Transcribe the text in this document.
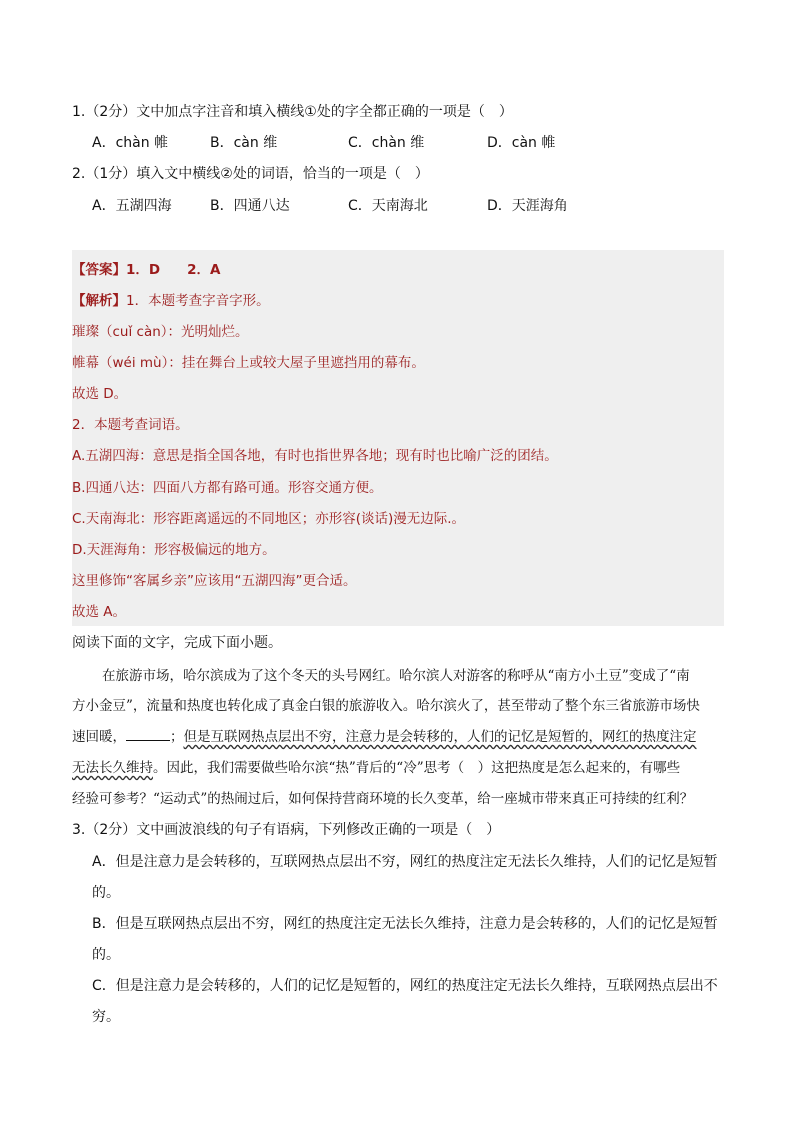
1.（2分）文中加点字注音和填入横线①处的字全都正确的一项是（　）
A．chàn 帷	B．càn 维	C．chàn 维	D．càn 帷
2.（1分）填入文中横线②处的词语，恰当的一项是（　）
A．五湖四海	B．四通八达	C．天南海北	D．天涯海角
【答案】1．D　　2．A
【解析】1．本题考查字音字形。
璀璨（cuǐ càn）：光明灿烂。
帷幕（wéi mù）：挂在舞台上或较大屋子里遮挡用的幕布。
故选 D。
2．本题考查词语。
A.五湖四海：意思是指全国各地，有时也指世界各地；现有时也比喻广泛的团结。
B.四通八达：四面八方都有路可通。形容交通方便。
C.天南海北：形容距离遥远的不同地区；亦形容(谈话)漫无边际.。
D.天涯海角：形容极偏远的地方。
这里修饰“客属乡亲”应该用“五湖四海”更合适。
故选 A。
阅读下面的文字，完成下面小题。
在旅游市场，哈尔滨成为了这个冬天的头号网红。哈尔滨人对游客的称呼从“南方小土豆”变成了“南
方小金豆”，流量和热度也转化成了真金白银的旅游收入。哈尔滨火了，甚至带动了整个东三省旅游市场快
速回暖，	；但是互联网热点层出不穷，注意力是会转移的，人们的记忆是短暂的，网红的热度注定
无法长久维持。因此，我们需要做些哈尔滨“热”背后的“冷”思考（　）这把热度是怎么起来的，有哪些
经验可参考？“运动式”的热闹过后，如何保持营商环境的长久变革，给一座城市带来真正可持续的红利？
3.（2分）文中画波浪线的句子有语病，下列修改正确的一项是（　）
A．但是注意力是会转移的，互联网热点层出不穷，网红的热度注定无法长久维持，人们的记忆是短暂
的。
B．但是互联网热点层出不穷，网红的热度注定无法长久维持，注意力是会转移的，人们的记忆是短暂
的。
C．但是注意力是会转移的，人们的记忆是短暂的，网红的热度注定无法长久维持，互联网热点层出不
穷。
